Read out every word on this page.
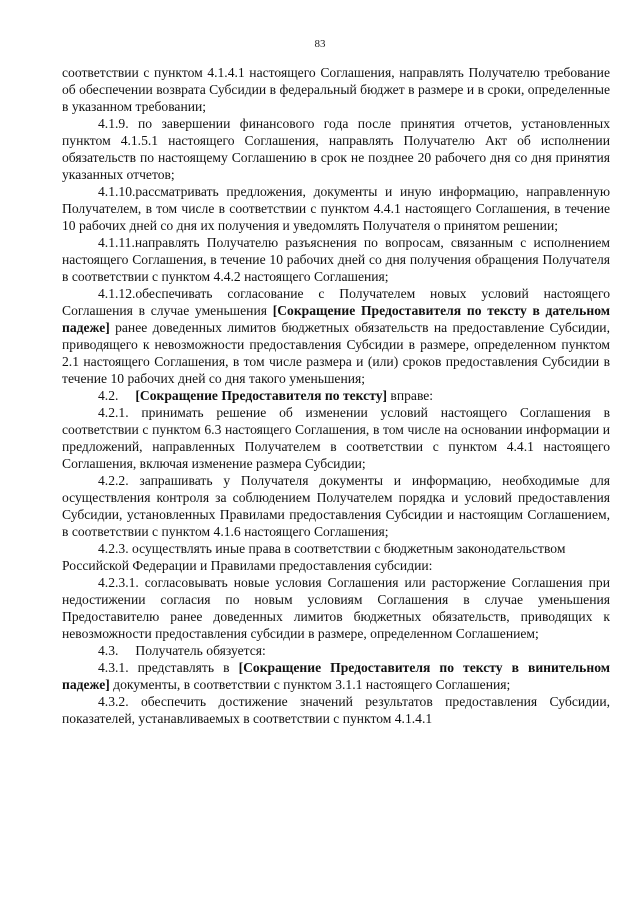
83

соответствии с пунктом 4.1.4.1 настоящего Соглашения, направлять Получателю требование об обеспечении возврата Субсидии в федеральный бюджет в размере и в сроки, определенные в указанном требовании;

4.1.9. по завершении финансового года после принятия отчетов, установленных пунктом 4.1.5.1 настоящего Соглашения, направлять Получателю Акт об исполнении обязательств по настоящему Соглашению в срок не позднее 20 рабочего дня со дня принятия указанных отчетов;

4.1.10.рассматривать предложения, документы и иную информацию, направленную Получателем, в том числе в соответствии с пунктом 4.4.1 настоящего Соглашения, в течение 10 рабочих дней со дня их получения и уведомлять Получателя о принятом решении;

4.1.11.направлять Получателю разъяснения по вопросам, связанным с исполнением настоящего Соглашения, в течение 10 рабочих дней со дня получения обращения Получателя в соответствии с пунктом 4.4.2 настоящего Соглашения;

4.1.12.обеспечивать согласование с Получателем новых условий настоящего Соглашения в случае уменьшения [Сокращение Предоставителя по тексту в дательном падеже] ранее доведенных лимитов бюджетных обязательств на предоставление Субсидии, приводящего к невозможности предоставления Субсидии в размере, определенном пунктом 2.1 настоящего Соглашения, в том числе размера и (или) сроков предоставления Субсидии в течение 10 рабочих дней со дня такого уменьшения;

4.2.     [Сокращение Предоставителя по тексту] вправе:

4.2.1. принимать решение об изменении условий настоящего Соглашения в соответствии с пунктом 6.3 настоящего Соглашения, в том числе на основании информации и предложений, направленных Получателем в соответствии с пунктом 4.4.1 настоящего Соглашения, включая изменение размера Субсидии;

4.2.2. запрашивать у Получателя документы и информацию, необходимые для осуществления контроля за соблюдением Получателем порядка и условий предоставления Субсидии, установленных Правилами предоставления Субсидии и настоящим Соглашением, в соответствии с пунктом 4.1.6 настоящего Соглашения;

4.2.3. осуществлять иные права в соответствии с бюджетным законодательством Российской Федерации и Правилами предоставления субсидии:

4.2.3.1. согласовывать новые условия Соглашения или расторжение Соглашения при недостижении согласия по новым условиям Соглашения в случае уменьшения Предоставителю ранее доведенных лимитов бюджетных обязательств, приводящих к невозможности предоставления субсидии в размере, определенном Соглашением;

4.3.     Получатель обязуется:

4.3.1. представлять в [Сокращение Предоставителя по тексту в винительном падеже] документы, в соответствии с пунктом 3.1.1 настоящего Соглашения;

4.3.2. обеспечить достижение значений результатов предоставления Субсидии, показателей, устанавливаемых в соответствии с пунктом 4.1.4.1
